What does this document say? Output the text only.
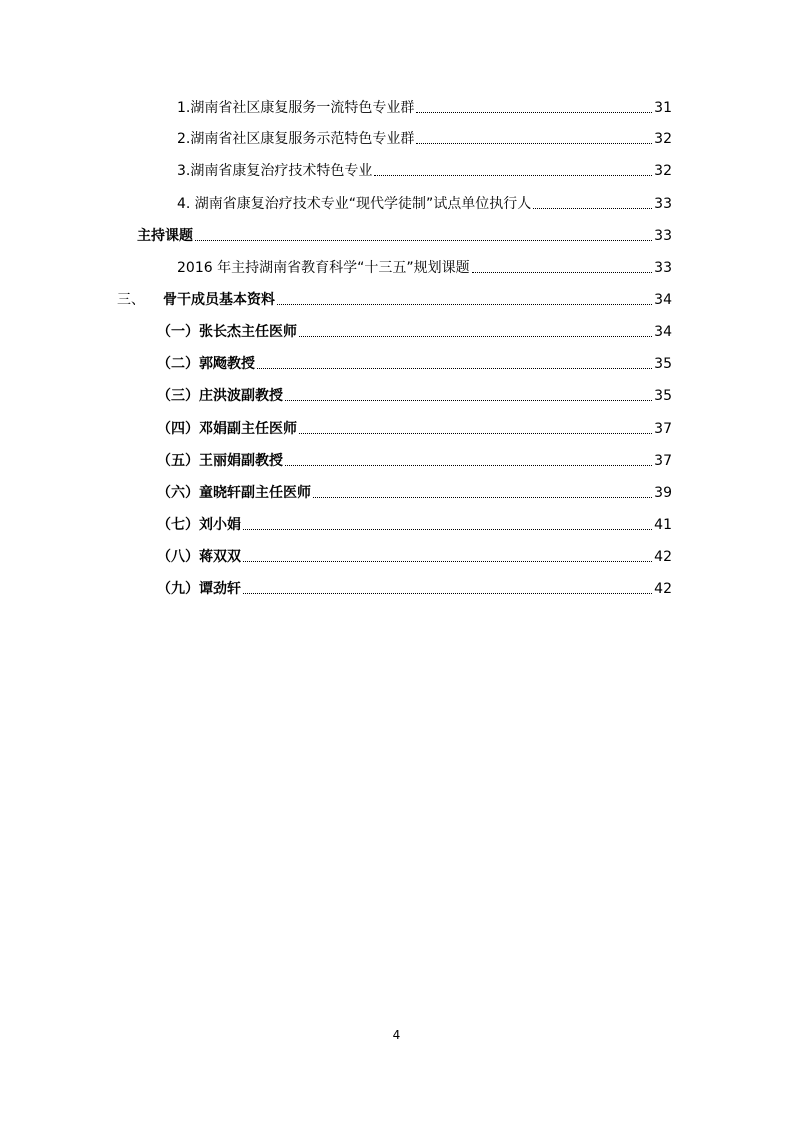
1.湖南省社区康复服务一流特色专业群	31
2.湖南省社区康复服务示范特色专业群	32
3.湖南省康复治疗技术特色专业	32
4. 湖南省康复治疗技术专业“现代学徒制”试点单位执行人	33
主持课题	33
2016 年主持湖南省教育科学“十三五”规划课题	33
三、 骨干成员基本资料	34
（一）张长杰主任医师	34
（二）郭飏教授	35
（三）庄洪波副教授	35
（四）邓娟副主任医师	37
（五）王丽娟副教授	37
（六）童晓轩副主任医师	39
（七）刘小娟	41
（八）蒋双双	42
（九）谭劲轩	42
4
